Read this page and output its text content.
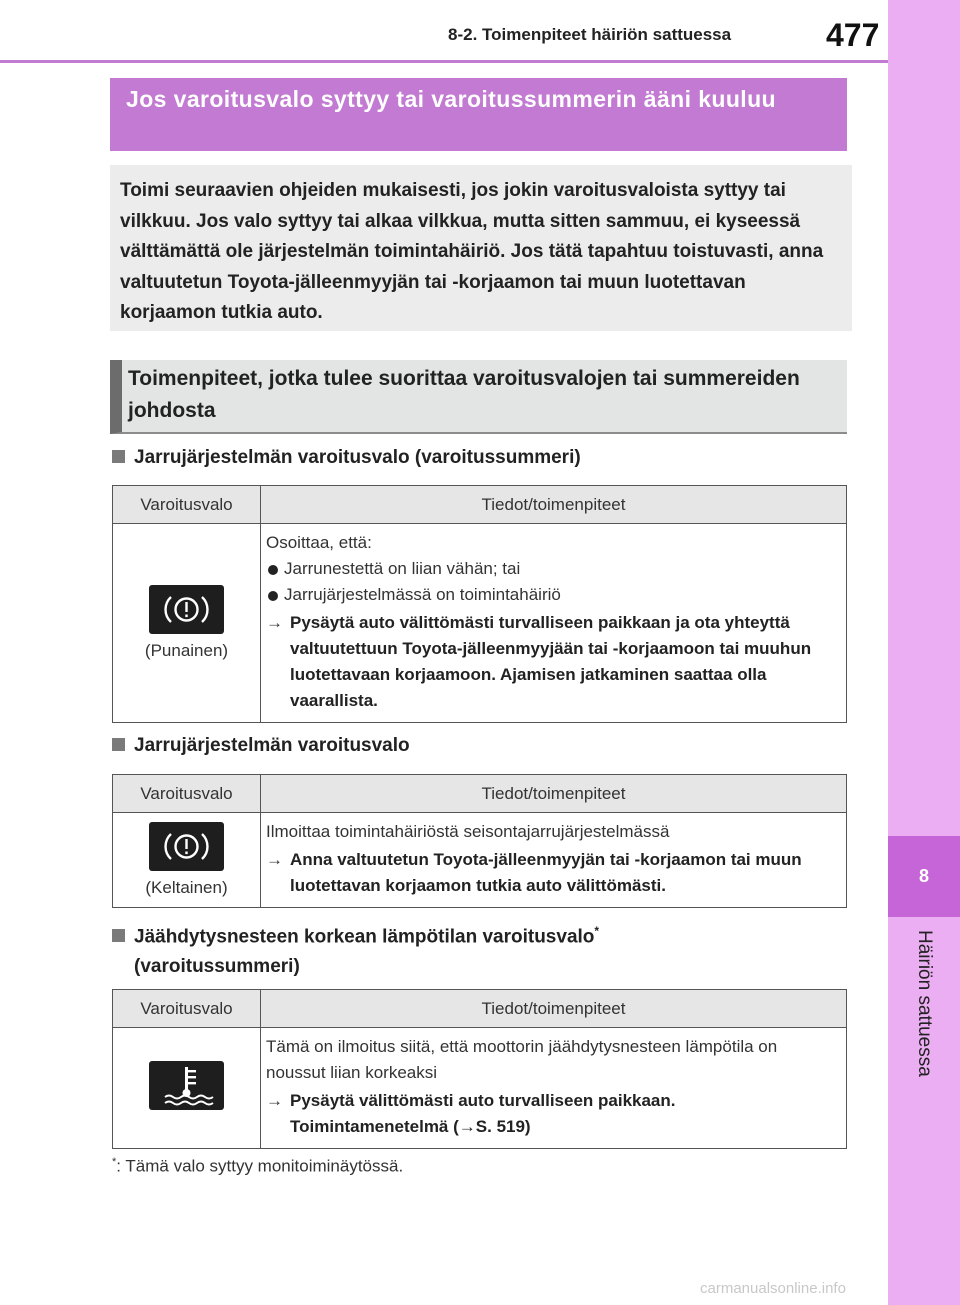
8-2. Toimenpiteet häiriön sattuessa	477
8
Häiriön sattuessa
Jos varoitusvalo syttyy tai varoitussummerin ääni kuuluu
Toimi seuraavien ohjeiden mukaisesti, jos jokin varoitusvaloista syttyy tai vilkkuu. Jos valo syttyy tai alkaa vilkkua, mutta sitten sammuu, ei kyseessä välttämättä ole järjestelmän toimintahäiriö. Jos tätä tapahtuu toistuvasti, anna valtuutetun Toyota-jälleenmyyjän tai -korjaamon tai muun luotettavan korjaamon tutkia auto.
Toimenpiteet, jotka tulee suorittaa varoitusvalojen tai summereiden johdosta
Jarrujärjestelmän varoitusvalo (varoitussummeri)
Varoitusvalo	Tiedot/toimenpiteet

(Punainen)	Osoittaa, että:
Jarrunestettä on liian vähän; tai
Jarrujärjestelmässä on toimintahäiriö
→ Pysäytä auto välittömästi turvalliseen paikkaan ja ota yhteyttä valtuutettuun Toyota-jälleenmyyjään tai -korjaamoon tai muuhun luotettavaan korjaamoon. Ajamisen jatkaminen saattaa olla vaarallista.
Jarrujärjestelmän varoitusvalo
Varoitusvalo	Tiedot/toimenpiteet

(Keltainen)	Ilmoittaa toimintahäiriöstä seisontajarrujärjestelmässä
→ Anna valtuutetun Toyota-jälleenmyyjän tai -korjaamon tai muun luotettavan korjaamon tutkia auto välittömästi.
Jäähdytysnesteen korkean lämpötilan varoitusvalo*
(varoitussummeri)
Varoitusvalo	Tiedot/toimenpiteet

Tämä on ilmoitus siitä, että moottorin jäähdytysnesteen lämpötila on noussut liian korkeaksi
→ Pysäytä välittömästi auto turvalliseen paikkaan.
Toimintamenetelmä (→S. 519)
*: Tämä valo syttyy monitoiminäytössä.
carmanualsonline.info
